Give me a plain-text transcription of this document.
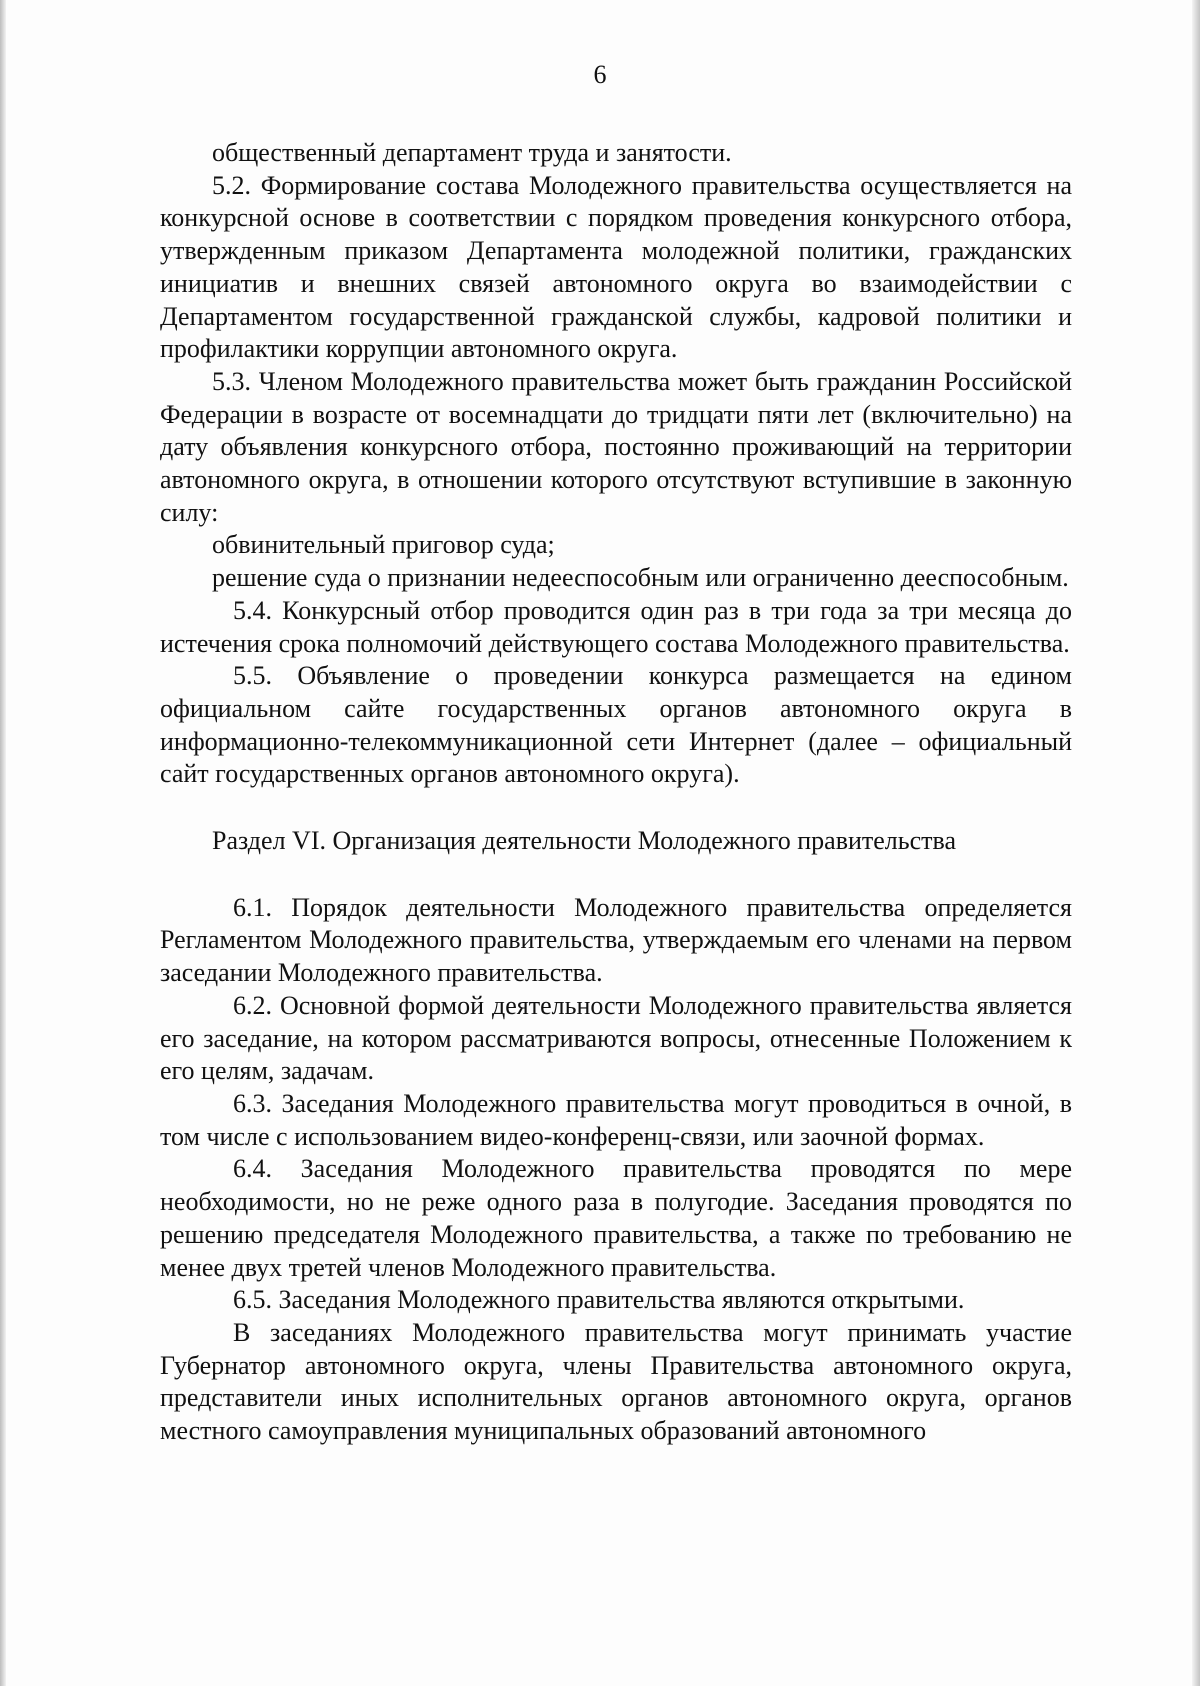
6

общественный департамент труда и занятости.

5.2. Формирование состава Молодежного правительства осуществляется на конкурсной основе в соответствии с порядком проведения конкурсного отбора, утвержденным приказом Департамента молодежной политики, гражданских инициатив и внешних связей автономного округа во взаимодействии с Департаментом государственной гражданской службы, кадровой политики и профилактики коррупции автономного округа.

5.3. Членом Молодежного правительства может быть гражданин Российской Федерации в возрасте от восемнадцати до тридцати пяти лет (включительно) на дату объявления конкурсного отбора, постоянно проживающий на территории автономного округа, в отношении которого отсутствуют вступившие в законную силу:

обвинительный приговор суда;

решение суда о признании недееспособным или ограниченно дееспособным.

5.4. Конкурсный отбор проводится один раз в три года за три месяца до истечения срока полномочий действующего состава Молодежного правительства.

5.5. Объявление о проведении конкурса размещается на едином официальном сайте государственных органов автономного округа в информационно-телекоммуникационной сети Интернет (далее – официальный сайт государственных органов автономного округа).

Раздел VI. Организация деятельности Молодежного правительства

6.1. Порядок деятельности Молодежного правительства определяется Регламентом Молодежного правительства, утверждаемым его членами на первом заседании Молодежного правительства.

6.2. Основной формой деятельности Молодежного правительства является его заседание, на котором рассматриваются вопросы, отнесенные Положением к его целям, задачам.

6.3. Заседания Молодежного правительства могут проводиться в очной, в том числе с использованием видео-конференц-связи, или заочной формах.

6.4. Заседания Молодежного правительства проводятся по мере необходимости, но не реже одного раза в полугодие. Заседания проводятся по решению председателя Молодежного правительства, а также по требованию не менее двух третей членов Молодежного правительства.

6.5. Заседания Молодежного правительства являются открытыми.

В заседаниях Молодежного правительства могут принимать участие Губернатор автономного округа, члены Правительства автономного округа, представители иных исполнительных органов автономного округа, органов местного самоуправления муниципальных образований автономного
